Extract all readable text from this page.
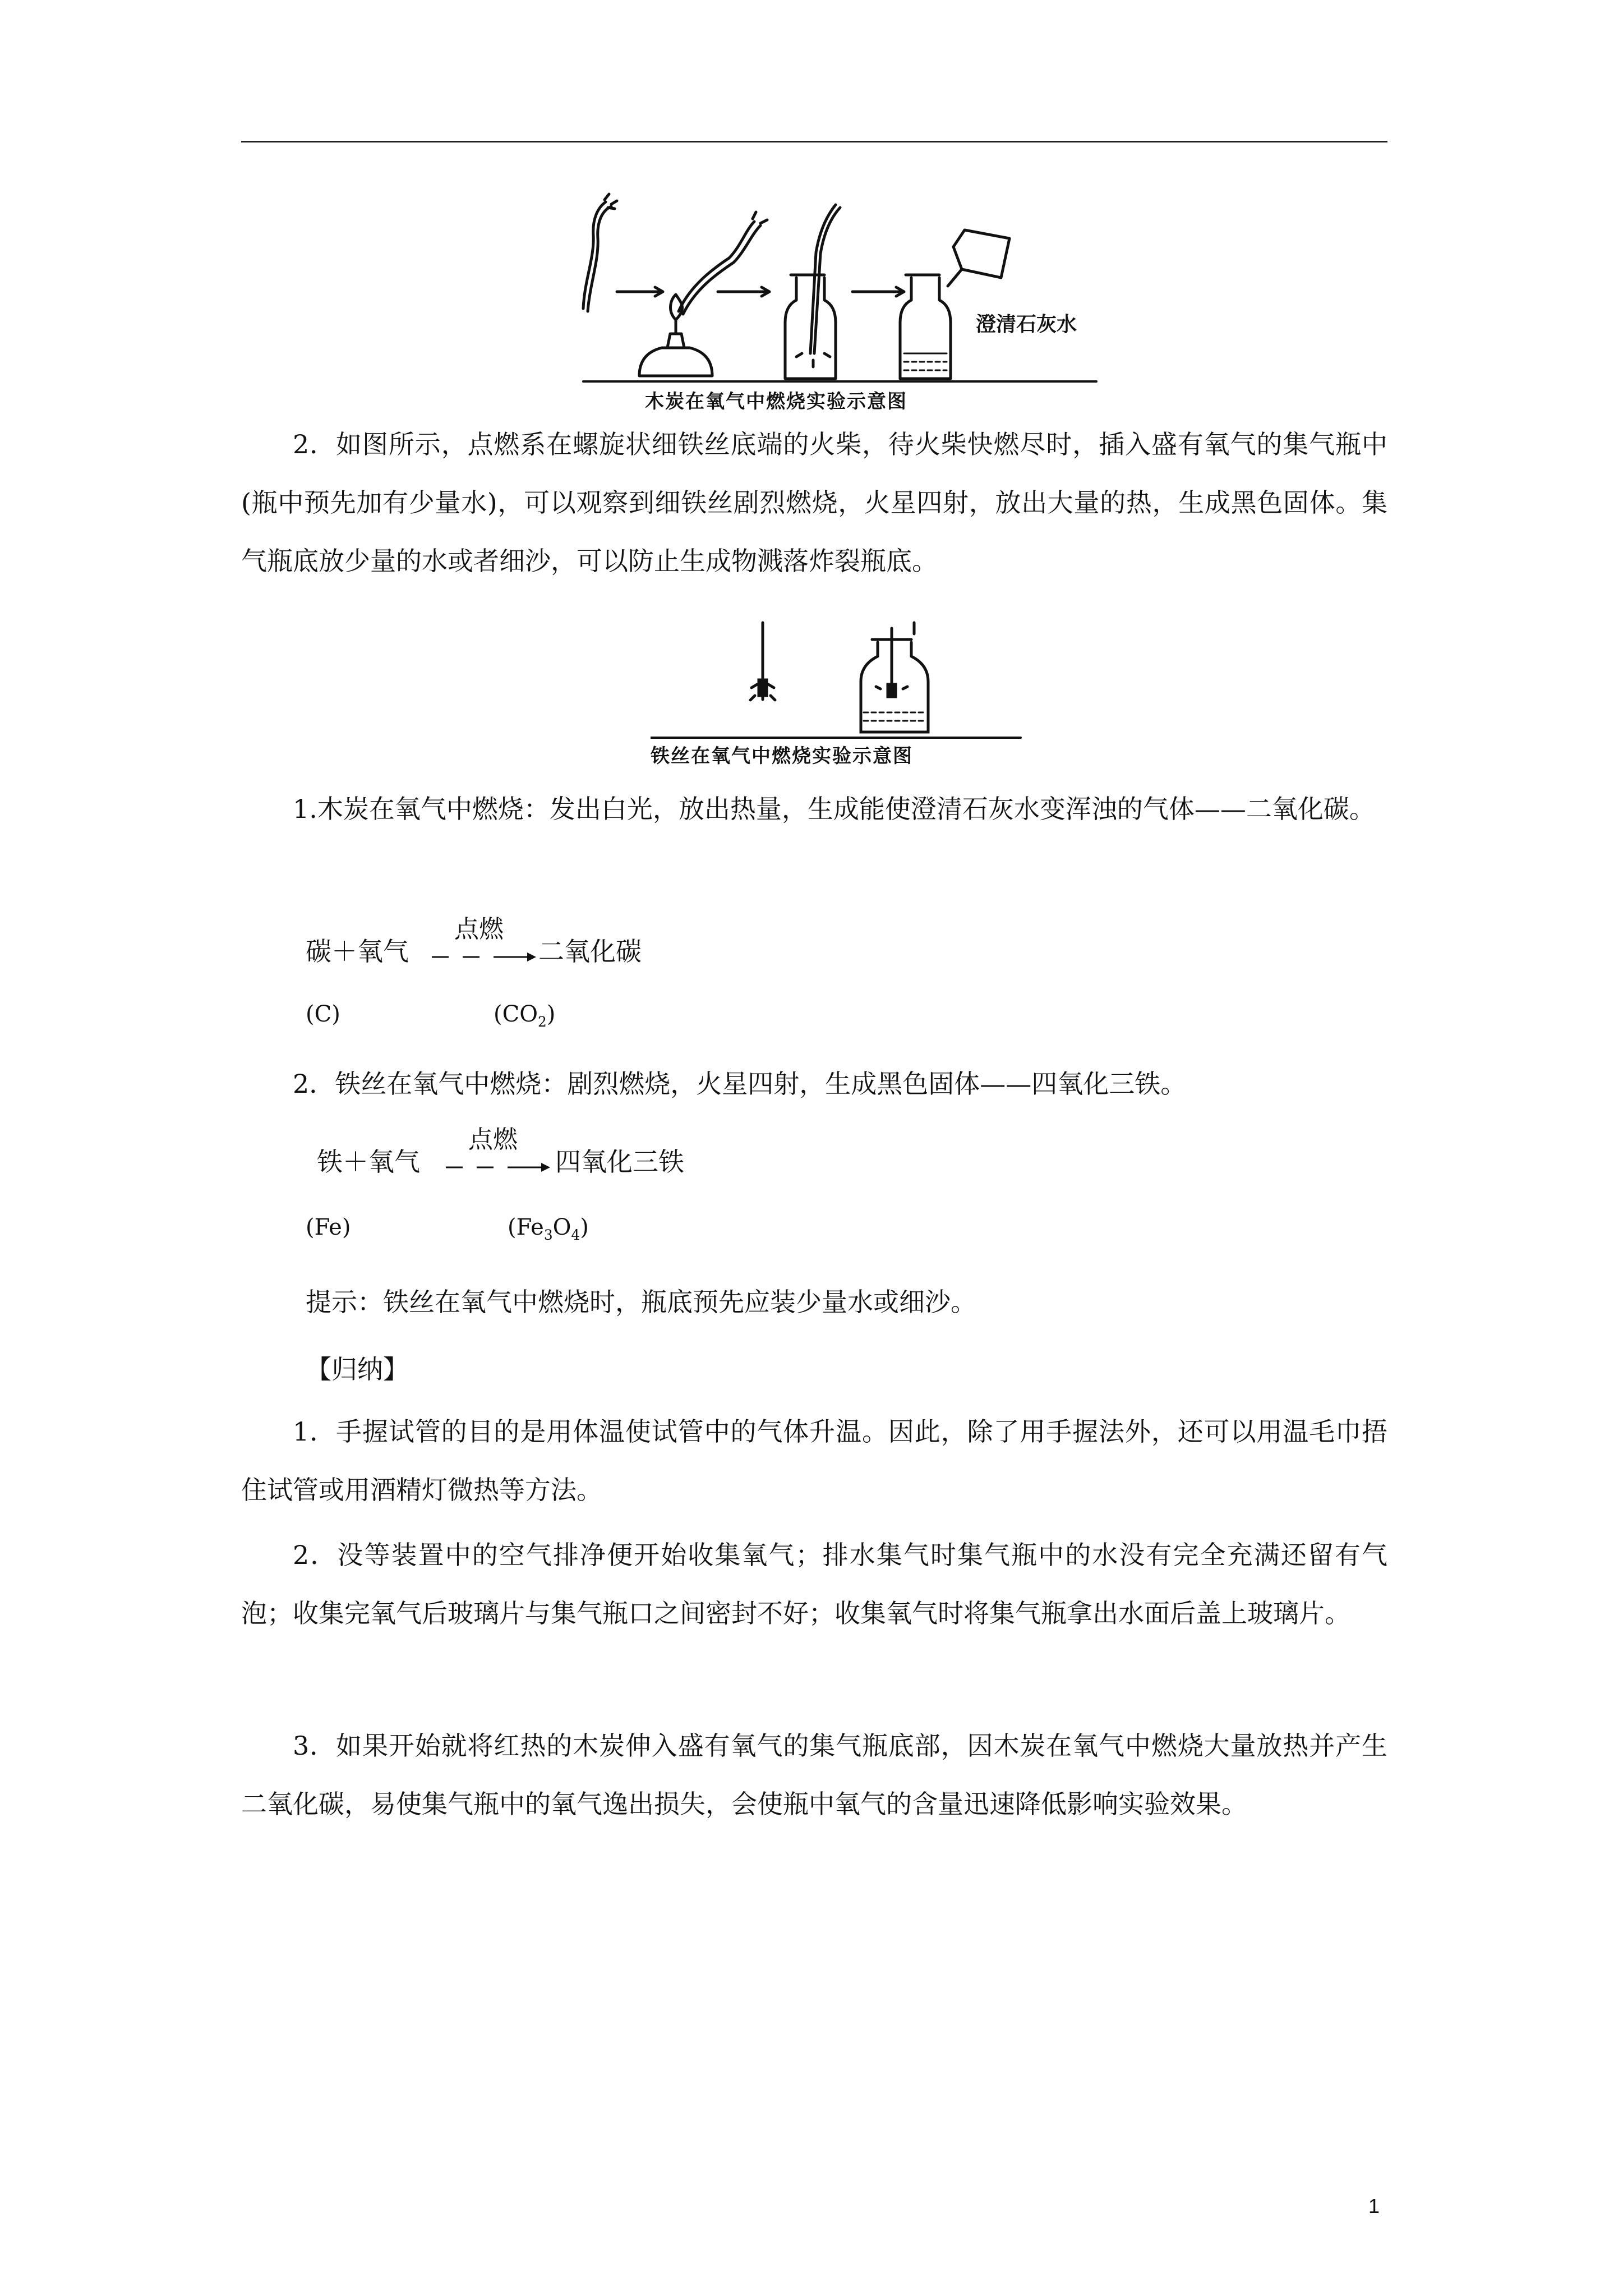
澄清石灰水
木炭在氧气中燃烧实验示意图

2．如图所示，点燃系在螺旋状细铁丝底端的火柴，待火柴快燃尽时，插入盛有氧气的集气瓶中(瓶中预先加有少量水)，可以观察到细铁丝剧烈燃烧，火星四射，放出大量的热，生成黑色固体。集气瓶底放少量的水或者细沙，可以防止生成物溅落炸裂瓶底。

铁丝在氧气中燃烧实验示意图

1.木炭在氧气中燃烧：发出白光，放出热量，生成能使澄清石灰水变浑浊的气体——二氧化碳。

碳＋氧气
点燃
二氧化碳
(C)	$(CO_2)$

2．铁丝在氧气中燃烧：剧烈燃烧，火星四射，生成黑色固体——四氧化三铁。

铁＋氧气
点燃
四氧化三铁
(Fe)	$(Fe_3O_4)$
提示：铁丝在氧气中燃烧时，瓶底预先应装少量水或细沙。
【归纳】

1．手握试管的目的是用体温使试管中的气体升温。因此，除了用手握法外，还可以用温毛巾捂住试管或用酒精灯微热等方法。

2．没等装置中的空气排净便开始收集氧气；排水集气时集气瓶中的水没有完全充满还留有气泡；收集完氧气后玻璃片与集气瓶口之间密封不好；收集氧气时将集气瓶拿出水面后盖上玻璃片。

3．如果开始就将红热的木炭伸入盛有氧气的集气瓶底部，因木炭在氧气中燃烧大量放热并产生二氧化碳，易使集气瓶中的氧气逸出损失，会使瓶中氧气的含量迅速降低影响实验效果。

1
